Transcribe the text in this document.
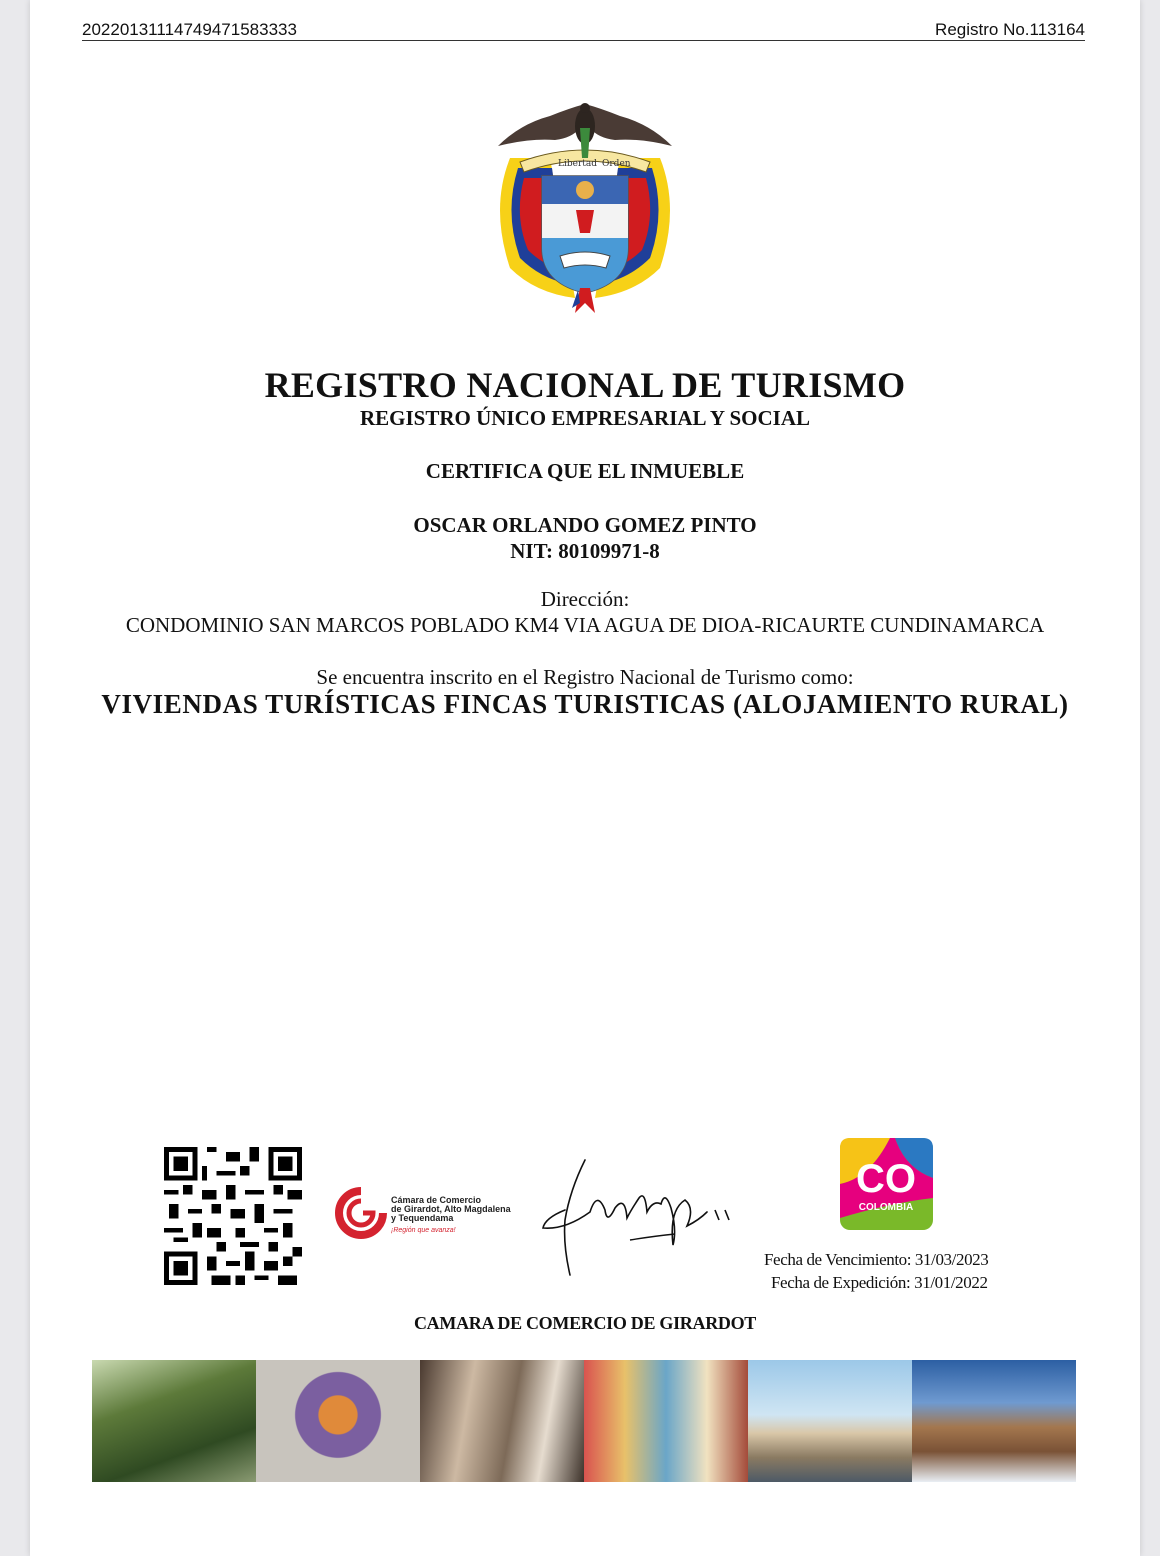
20220131114749471583333	Registro No.113164
Libertad Orden
REGISTRO NACIONAL DE TURISMO
REGISTRO ÚNICO EMPRESARIAL Y SOCIAL
CERTIFICA QUE EL INMUEBLE
OSCAR ORLANDO GOMEZ PINTO
NIT: 80109971-8
Dirección:
CONDOMINIO SAN MARCOS POBLADO KM4 VIA AGUA DE DIOA-RICAURTE CUNDINAMARCA
Se encuentra inscrito en el Registro Nacional de Turismo como:
VIVIENDAS TURÍSTICAS FINCAS TURISTICAS (ALOJAMIENTO RURAL)
Cámara de Comercio
de Girardot, Alto Magdalena
y Tequendama
¡Región que avanza!
CO
COLOMBIA
Fecha de Vencimiento: 31/03/2023
Fecha de Expedición: 31/01/2022
CAMARA DE COMERCIO DE GIRARDOT
